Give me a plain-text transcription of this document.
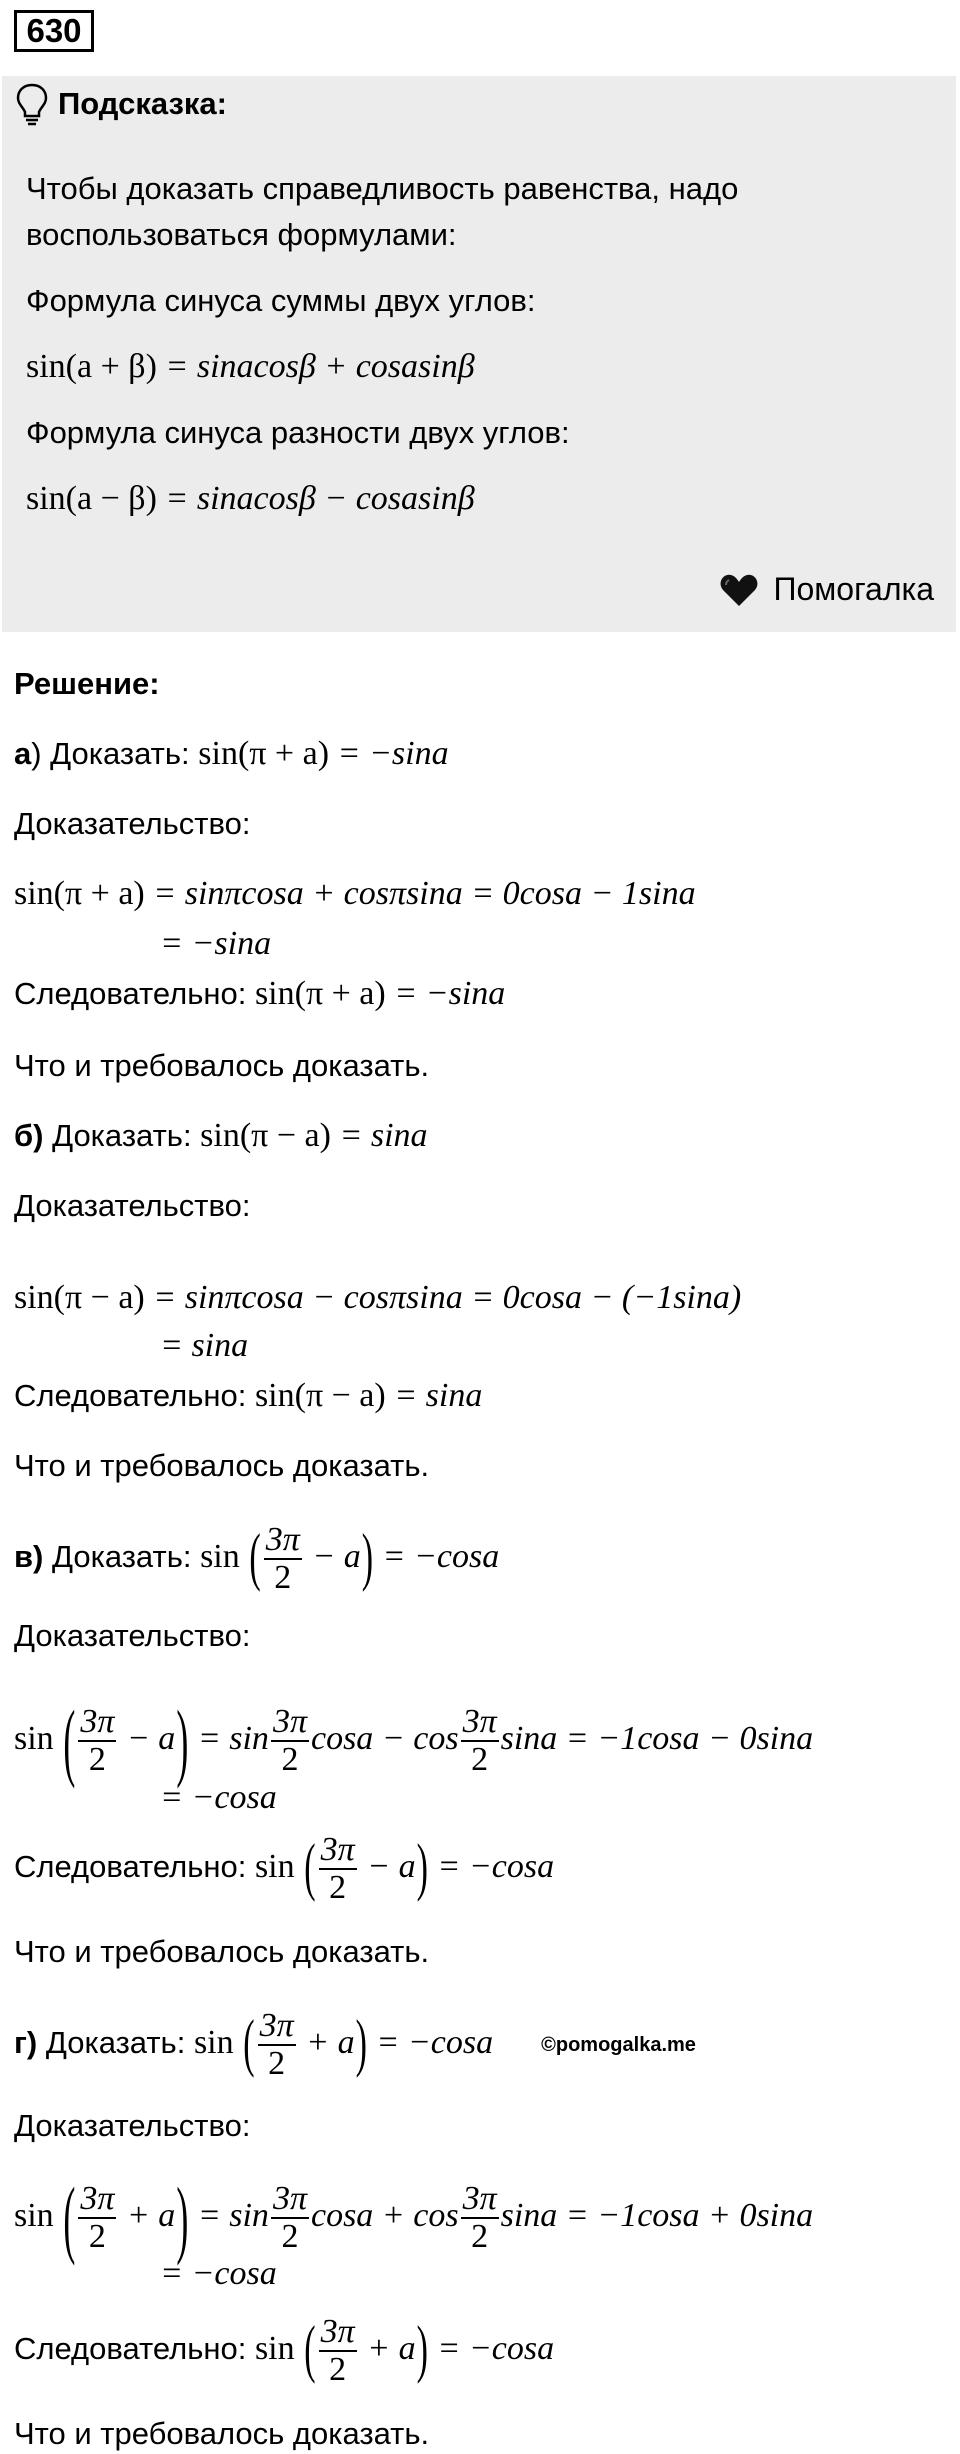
630
Подсказка:

Чтобы доказать справедливость равенства, надо воспользоваться формулами:

Формула синуса суммы двух углов:

sin(a + β) = sinacosβ + cosasinβ

Формула синуса разности двух углов:

sin(a − β) = sinacosβ − cosasinβ

Помогалка
Решение:
а) Доказать: sin(π + a) = −sina
Доказательство:
sin(π + a) = sinπcosa + cosπsina = 0cosa − 1sina
= −sina
Следовательно: sin(π + a) = −sina
Что и требовалось доказать.
б) Доказать: sin(π − a) = sina
Доказательство:
sin(π − a) = sinπcosa − cosπsina = 0cosa − (−1sina)
= sina
Следовательно: sin(π − a) = sina
Что и требовалось доказать.
в) Доказать: sin ( $\frac{3\pi}{2} - a) = -\cos a$
Доказательство:
sin ( $\frac{3\pi}{2} - a) = \sin \frac{3\pi}{2}$ $\cos a - \cos \frac{3\pi}{2}$ sina = −1cosa − 0sina
= −cosa
Следовательно: sin ( $\frac{3\pi}{2} - a) = -\cos a$
Что и требовалось доказать.
г) Доказать: sin ( $\frac{3\pi}{2} + a) = -\cos a$ ©pomogalka.me
Доказательство:
sin ( $\frac{3\pi}{2} + a) = \sin \frac{3\pi}{2}$ $\cos a + \cos \frac{3\pi}{2}$ sina = −1cosa + 0sina
= −cosa
Следовательно: sin ( $\frac{3\pi}{2} + a) = -\cos a$
Что и требовалось доказать.
